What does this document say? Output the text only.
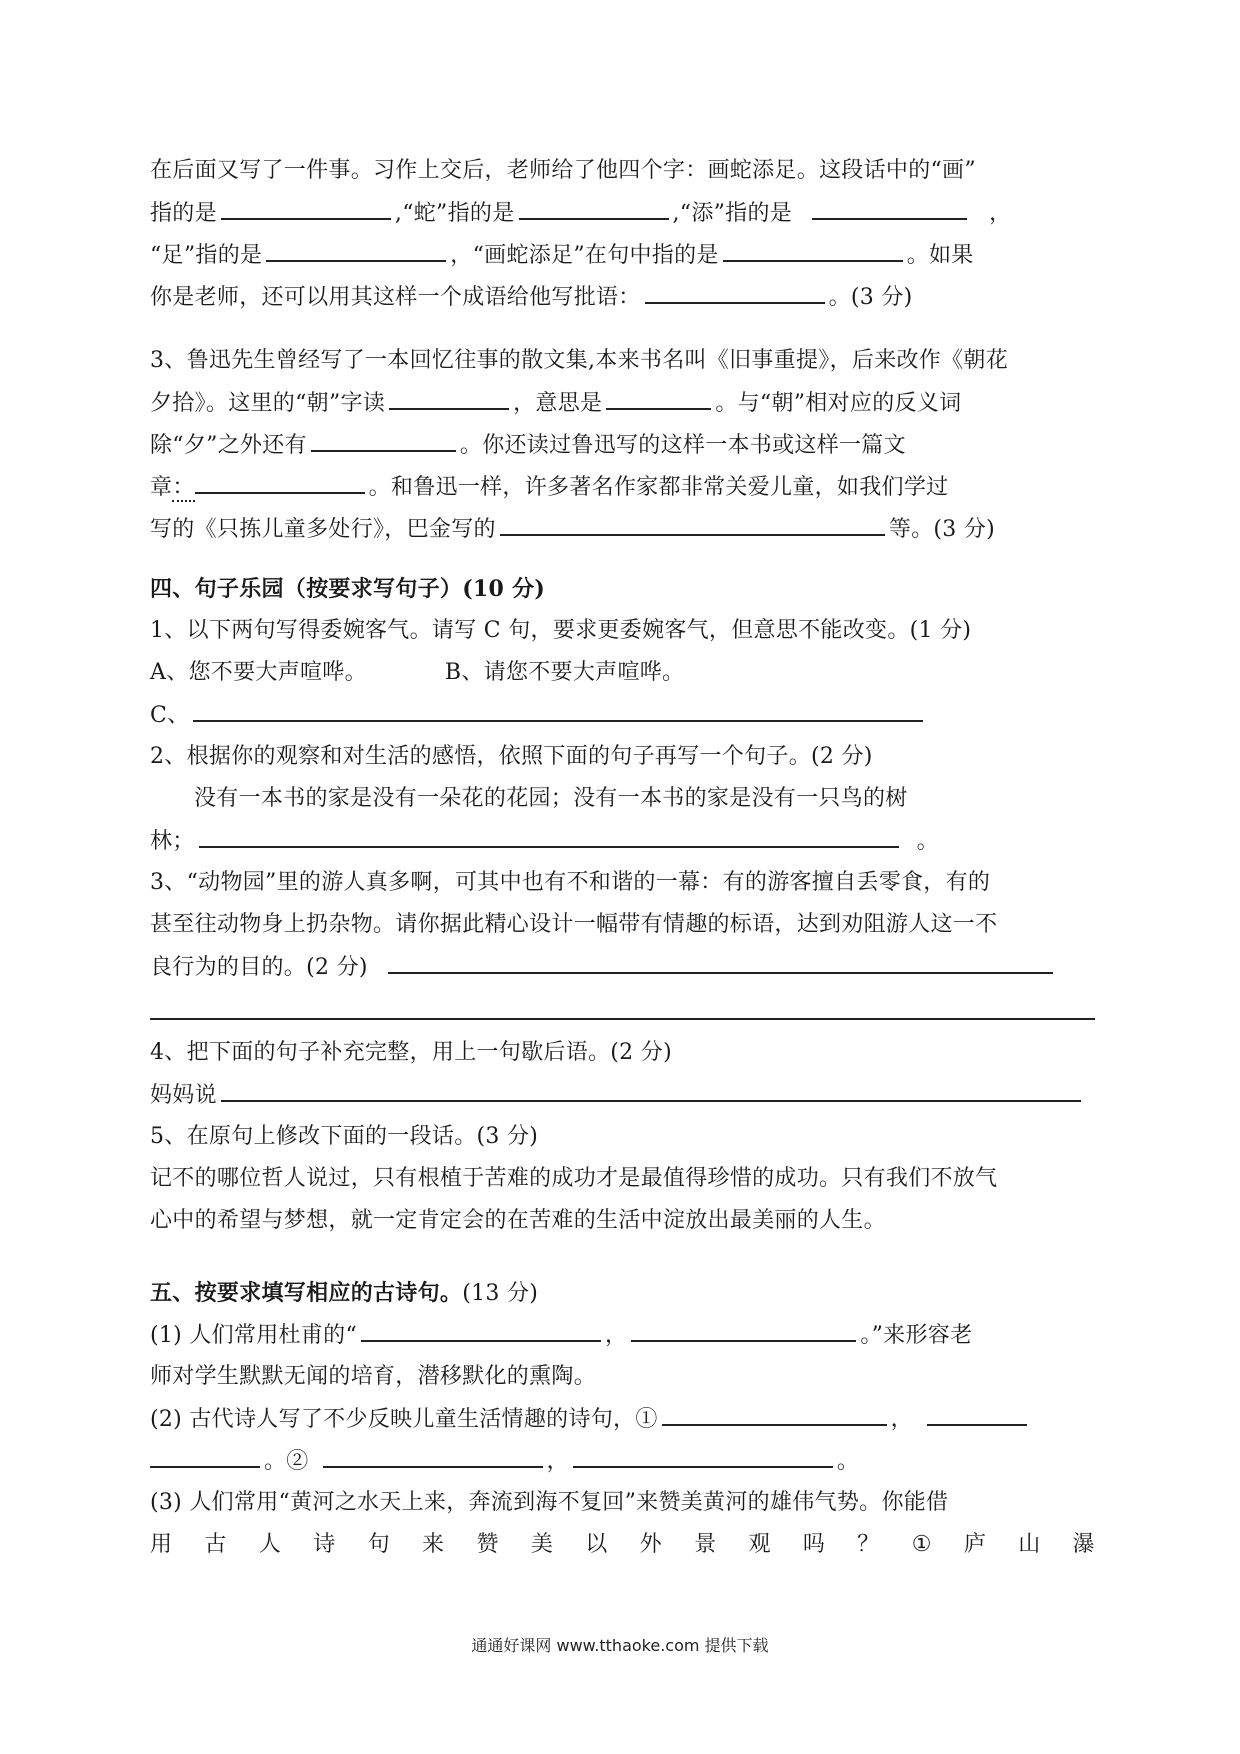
在后面又写了一件事。习作上交后，老师给了他四个字：画蛇添足。这段话中的“画”
指的是	,“蛇”指的是	,“添”指的是	，
“足”指的是	，“画蛇添足”在句中指的是	。如果
你是老师，还可以用其这样一个成语给他写批语：	。(3 分)
3、鲁迅先生曾经写了一本回忆往事的散文集,本来书名叫《旧事重提》，后来改作《朝花
夕拾》。这里的“朝”字读	，意思是	。与“朝”相对应的反义词
除“夕”之外还有	。你还读过鲁迅写的这样一本书或这样一篇文
章：	。和鲁迅一样，许多著名作家都非常关爱儿童，如我们学过
写的《只拣儿童多处行》，巴金写的	等。(3 分)
四、句子乐园（按要求写句子）(10 分)
1、以下两句写得委婉客气。请写 C 句，要求更委婉客气，但意思不能改变。(1 分)
A、您不要大声喧哗。	B、请您不要大声喧哗。
C、
2、根据你的观察和对生活的感悟，依照下面的句子再写一个句子。(2 分)
没有一本书的家是没有一朵花的花园；没有一本书的家是没有一只鸟的树
林；	。
3、“动物园”里的游人真多啊，可其中也有不和谐的一幕：有的游客擅自丢零食，有的
甚至往动物身上扔杂物。请你据此精心设计一幅带有情趣的标语，达到劝阻游人这一不
良行为的目的。(2 分)
4、把下面的句子补充完整，用上一句歇后语。(2 分)
妈妈说
5、在原句上修改下面的一段话。(3 分)
记不的哪位哲人说过，只有根植于苦难的成功才是最值得珍惜的成功。只有我们不放气
心中的希望与梦想，就一定肯定会的在苦难的生活中淀放出最美丽的人生。
五、按要求填写相应的古诗句。(13 分)
(1) 人们常用杜甫的“	，	。”来形容老
师对学生默默无闻的培育，潜移默化的熏陶。
(2) 古代诗人写了不少反映儿童生活情趣的诗句，①	，
。②	，	。
(3) 人们常用“黄河之水天上来，奔流到海不复回”来赞美黄河的雄伟气势。你能借
用 古 人 诗 句 来 赞 美 以 外 景 观 吗 ？ ① 庐 山 瀑
通通好课网 www.tthaoke.com 提供下载
